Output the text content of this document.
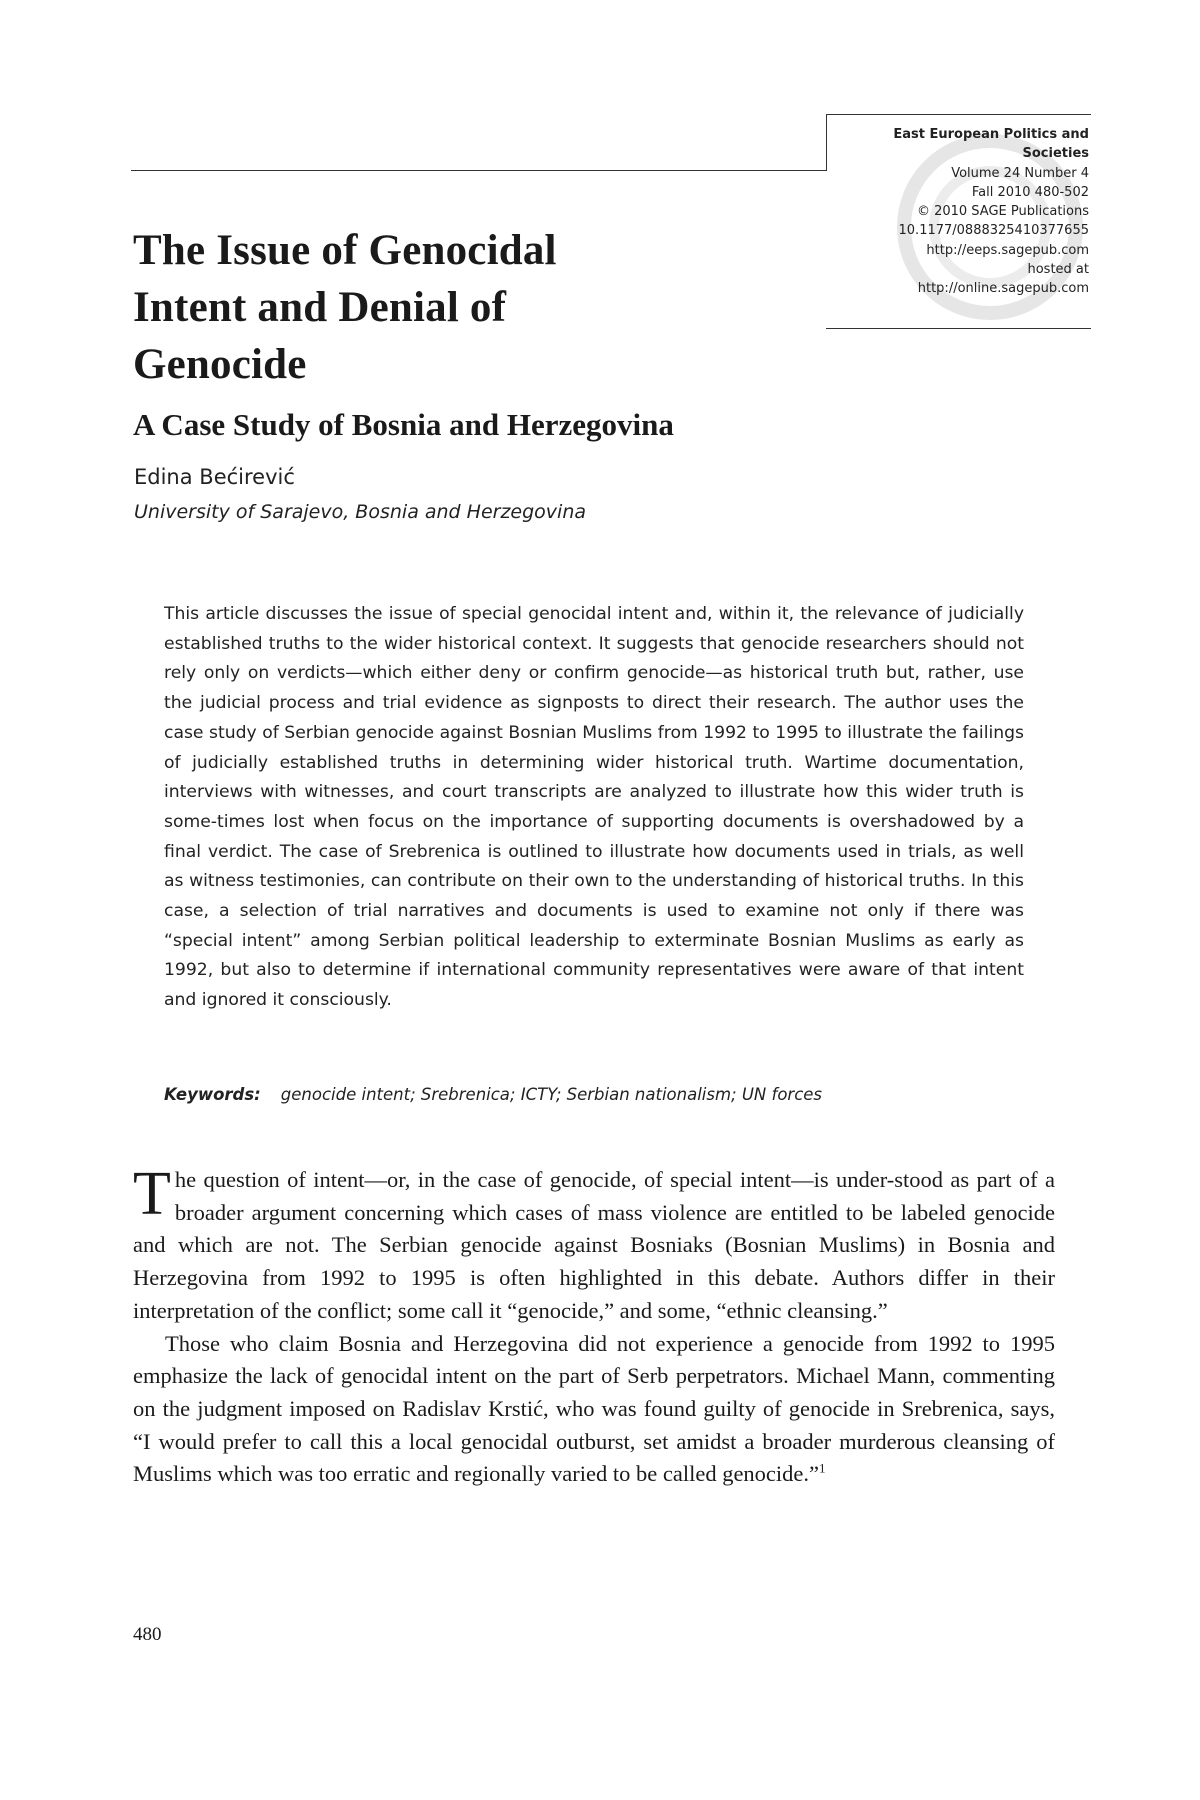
East European Politics and
Societies
Volume 24 Number 4
Fall 2010 480-502
© 2010 SAGE Publications
10.1177/0888325410377655
http://eeps.sagepub.com
hosted at
http://online.sagepub.com
The Issue of Genocidal Intent and Denial of Genocide
A Case Study of Bosnia and Herzegovina
Edina Bećirević
University of Sarajevo, Bosnia and Herzegovina

This article discusses the issue of special genocidal intent and, within it, the relevance of judicially established truths to the wider historical context. It suggests that genocide researchers should not rely only on verdicts—which either deny or confirm genocide—as historical truth but, rather, use the judicial process and trial evidence as signposts to direct their research. The author uses the case study of Serbian genocide against Bosnian Muslims from 1992 to 1995 to illustrate the failings of judicially established truths in determining wider historical truth. Wartime documentation, interviews with witnesses, and court transcripts are analyzed to illustrate how this wider truth is some-times lost when focus on the importance of supporting documents is overshadowed by a final verdict. The case of Srebrenica is outlined to illustrate how documents used in trials, as well as witness testimonies, can contribute on their own to the understanding of historical truths. In this case, a selection of trial narratives and documents is used to examine not only if there was “special intent” among Serbian political leadership to exterminate Bosnian Muslims as early as 1992, but also to determine if international community representatives were aware of that intent and ignored it consciously.

Keywords: genocide intent; Srebrenica; ICTY; Serbian nationalism; UN forces

The question of intent—or, in the case of genocide, of special intent—is under-stood as part of a broader argument concerning which cases of mass violence are entitled to be labeled genocide and which are not. The Serbian genocide against Bosniaks (Bosnian Muslims) in Bosnia and Herzegovina from 1992 to 1995 is often highlighted in this debate. Authors differ in their interpretation of the conflict; some call it “genocide,” and some, “ethnic cleansing.”

Those who claim Bosnia and Herzegovina did not experience a genocide from 1992 to 1995 emphasize the lack of genocidal intent on the part of Serb perpetrators. Michael Mann, commenting on the judgment imposed on Radislav Krstić, who was found guilty of genocide in Srebrenica, says, “I would prefer to call this a local genocidal outburst, set amidst a broader murderous cleansing of Muslims which was too erratic and regionally varied to be called genocide.”$^1$

480
